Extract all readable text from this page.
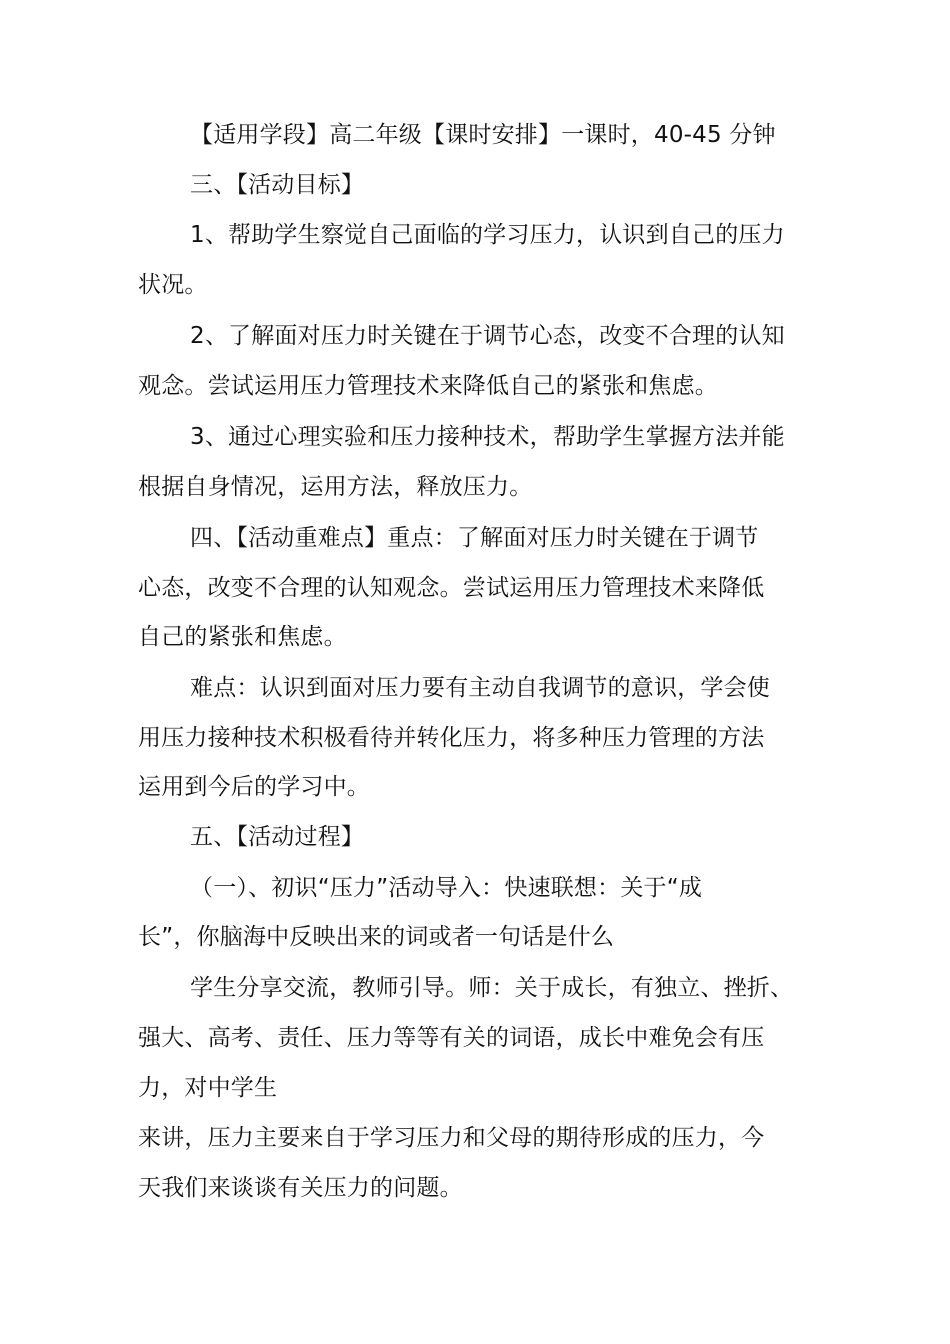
【适用学段】高二年级【课时安排】一课时，40-45 分钟
三、【活动目标】
1、帮助学生察觉自己面临的学习压力，认识到自己的压力
状况。
2、了解面对压力时关键在于调节心态，改变不合理的认知
观念。尝试运用压力管理技术来降低自己的紧张和焦虑。
3、通过心理实验和压力接种技术，帮助学生掌握方法并能
根据自身情况，运用方法，释放压力。
四、【活动重难点】重点：了解面对压力时关键在于调节
心态，改变不合理的认知观念。尝试运用压力管理技术来降低
自己的紧张和焦虑。
难点：认识到面对压力要有主动自我调节的意识，学会使
用压力接种技术积极看待并转化压力，将多种压力管理的方法
运用到今后的学习中。
五、【活动过程】
（一）、初识“压力”活动导入：快速联想：关于“成
长”，你脑海中反映出来的词或者一句话是什么
学生分享交流，教师引导。师：关于成长，有独立、挫折、
强大、高考、责任、压力等等有关的词语，成长中难免会有压
力，对中学生
来讲，压力主要来自于学习压力和父母的期待形成的压力，今
天我们来谈谈有关压力的问题。
